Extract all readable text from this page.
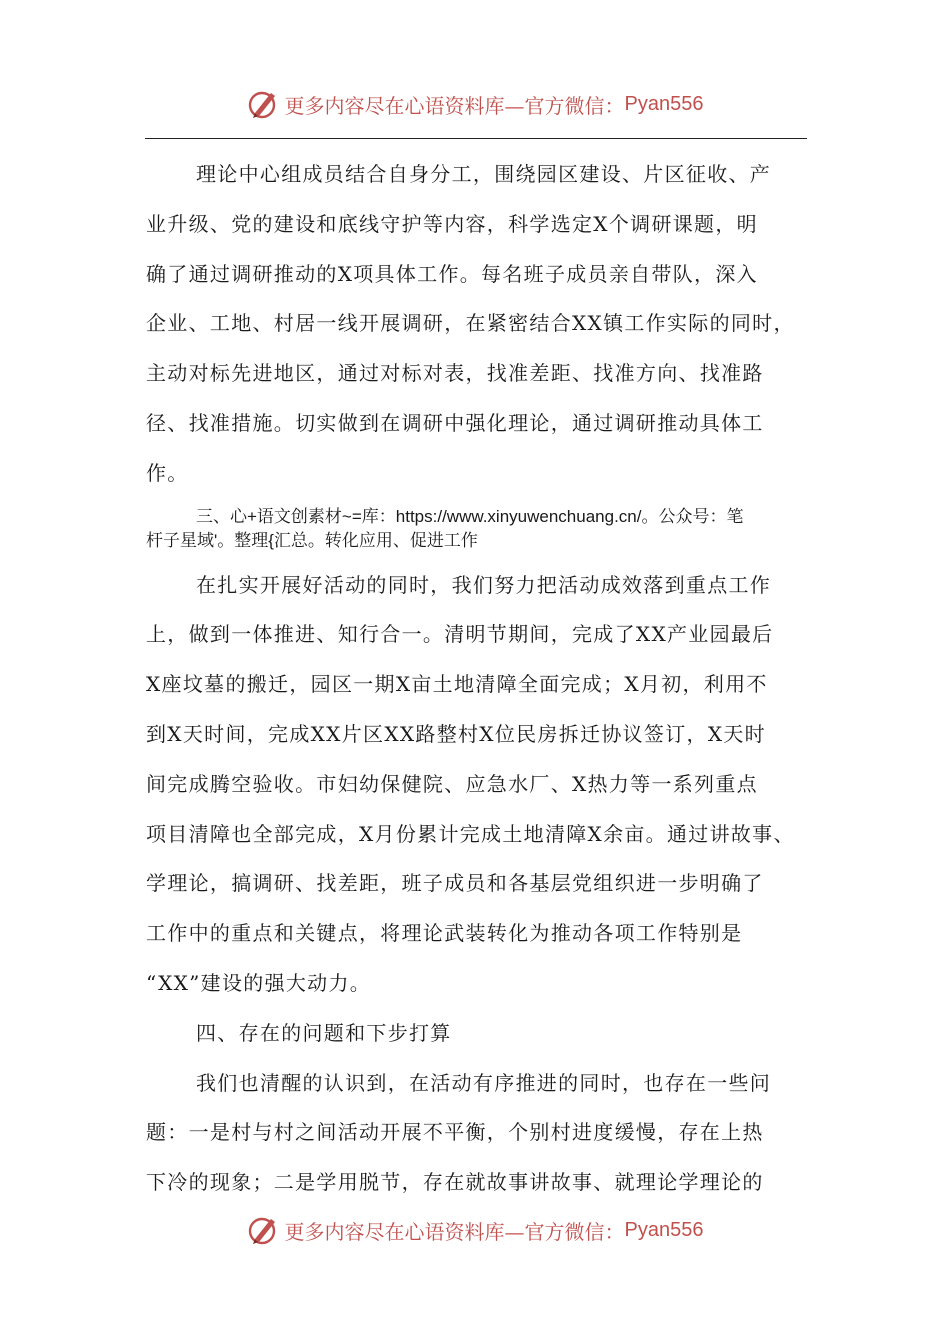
更多内容尽在心语资料库—官方微信： Pyan556
理论中心组成员结合自身分工，围绕园区建设、片区征收、产
业升级、党的建设和底线守护等内容，科学选定X个调研课题，明
确了通过调研推动的X项具体工作。每名班子成员亲自带队，深入
企业、工地、村居一线开展调研，在紧密结合XX镇工作实际的同时，
主动对标先进地区，通过对标对表，找准差距、找准方向、找准路
径、找准措施。切实做到在调研中强化理论，通过调研推动具体工
作。
三、心+语文创素材~=库：https://www.xinyuwenchuang.cn/。公众号：笔
杆子星域'。整理{汇总。转化应用、促进工作
在扎实开展好活动的同时，我们努力把活动成效落到重点工作
上，做到一体推进、知行合一。清明节期间，完成了XX产业园最后
X座坟墓的搬迁，园区一期X亩土地清障全面完成；X月初，利用不
到X天时间，完成XX片区XX路整村X位民房拆迁协议签订，X天时
间完成腾空验收。市妇幼保健院、应急水厂、X热力等一系列重点
项目清障也全部完成，X月份累计完成土地清障X余亩。通过讲故事、
学理论，搞调研、找差距，班子成员和各基层党组织进一步明确了
工作中的重点和关键点，将理论武装转化为推动各项工作特别是
“XX”建设的强大动力。
四、存在的问题和下步打算
我们也清醒的认识到，在活动有序推进的同时，也存在一些问
题：一是村与村之间活动开展不平衡，个别村进度缓慢，存在上热
下冷的现象；二是学用脱节，存在就故事讲故事、就理论学理论的
更多内容尽在心语资料库—官方微信： Pyan556
